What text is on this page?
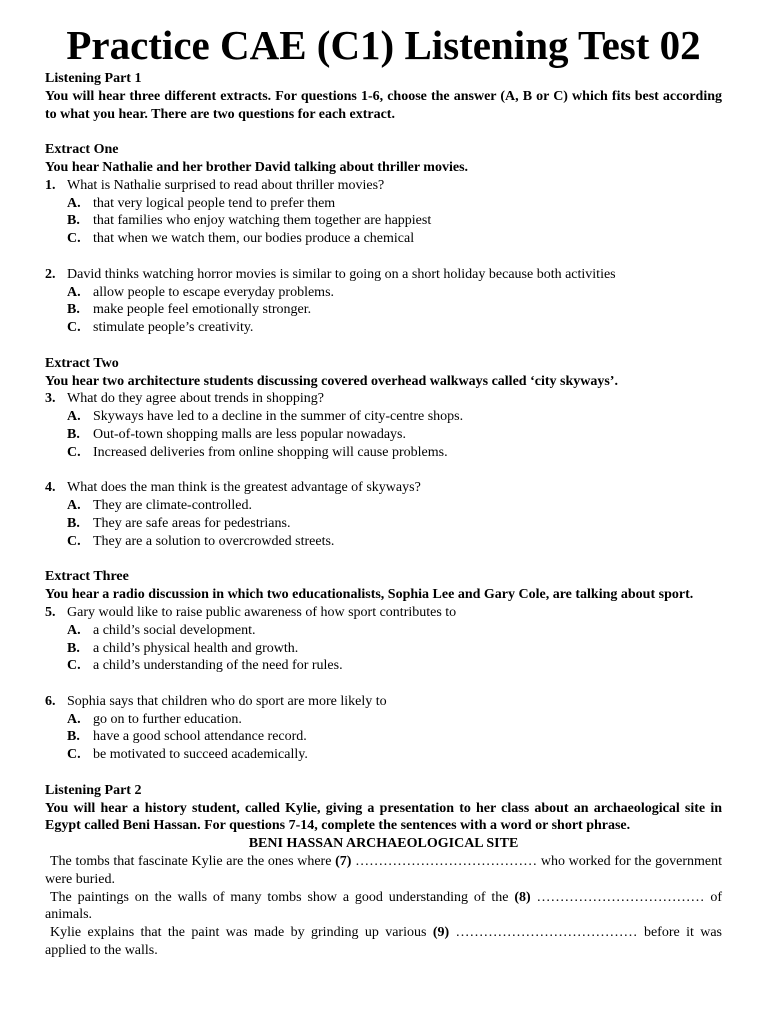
Practice CAE (C1) Listening Test 02
Listening Part 1
You will hear three different extracts. For questions 1-6, choose the answer (A, B or C) which fits best according to what you hear. There are two questions for each extract.
Extract One
You hear Nathalie and her brother David talking about thriller movies.
1. What is Nathalie surprised to read about thriller movies?
A. that very logical people tend to prefer them
B. that families who enjoy watching them together are happiest
C. that when we watch them, our bodies produce a chemical
2. David thinks watching horror movies is similar to going on a short holiday because both activities
A. allow people to escape everyday problems.
B. make people feel emotionally stronger.
C. stimulate people’s creativity.
Extract Two
You hear two architecture students discussing covered overhead walkways called ‘city skyways’.
3. What do they agree about trends in shopping?
A. Skyways have led to a decline in the summer of city-centre shops.
B. Out-of-town shopping malls are less popular nowadays.
C. Increased deliveries from online shopping will cause problems.
4. What does the man think is the greatest advantage of skyways?
A. They are climate-controlled.
B. They are safe areas for pedestrians.
C. They are a solution to overcrowded streets.
Extract Three
You hear a radio discussion in which two educationalists, Sophia Lee and Gary Cole, are talking about sport.
5. Gary would like to raise public awareness of how sport contributes to
A. a child’s social development.
B. a child’s physical health and growth.
C. a child’s understanding of the need for rules.
6. Sophia says that children who do sport are more likely to
A. go on to further education.
B. have a good school attendance record.
C. be motivated to succeed academically.
Listening Part 2
You will hear a history student, called Kylie, giving a presentation to her class about an archaeological site in Egypt called Beni Hassan. For questions 7-14, complete the sentences with a word or short phrase.
BENI HASSAN ARCHAEOLOGICAL SITE
The tombs that fascinate Kylie are the ones where (7) ………………………………… who worked for the government were buried.
The paintings on the walls of many tombs show a good understanding of the (8) ……………………………… of animals.
Kylie explains that the paint was made by grinding up various (9) ………………………………… before it was applied to the walls.
